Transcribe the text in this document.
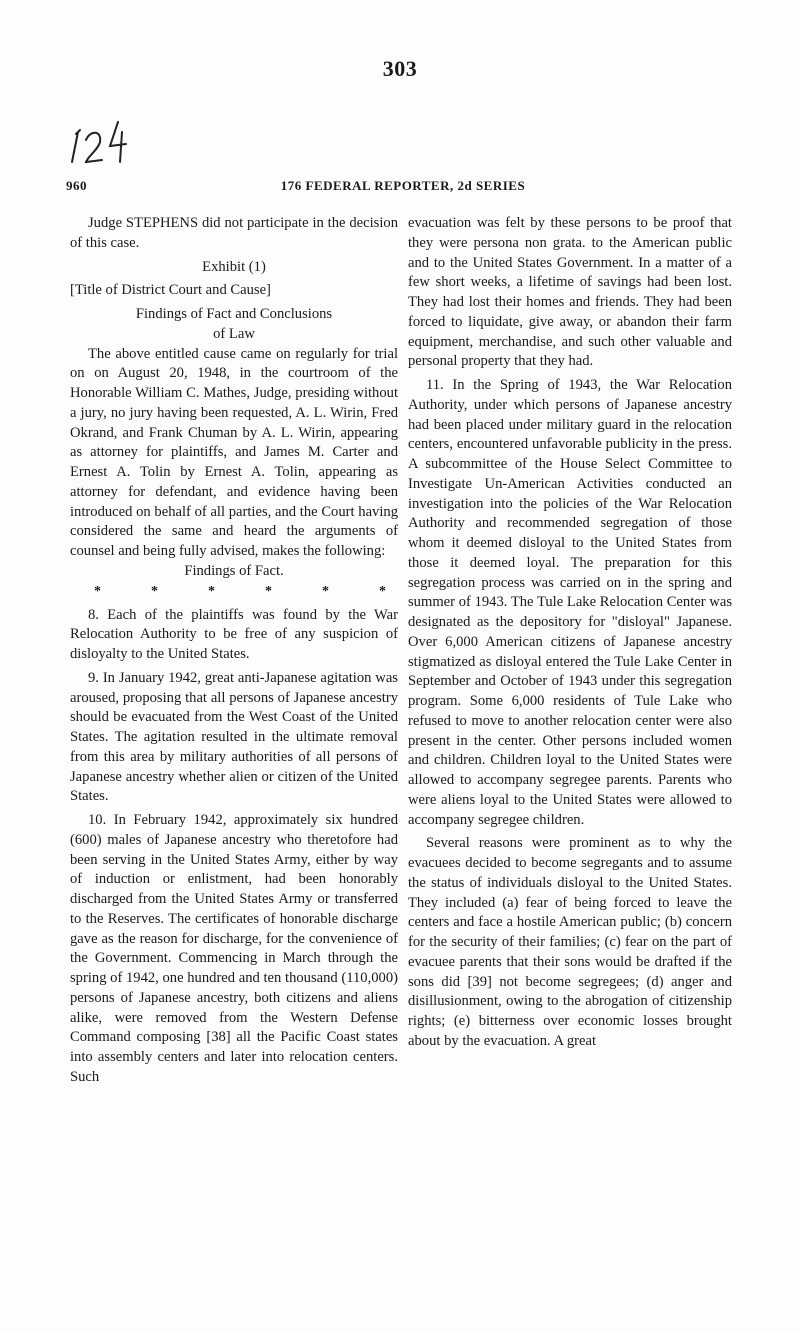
303
960	176 FEDERAL REPORTER, 2d SERIES

Judge STEPHENS did not participate in the decision of this case.

Exhibit (1)

[Title of District Court and Cause]

Findings of Fact and Conclusions

of Law

The above entitled cause came on regularly for trial on on August 20, 1948, in the courtroom of the Honorable William C. Mathes, Judge, presiding without a jury, no jury having been requested, A. L. Wirin, Fred Okrand, and Frank Chuman by A. L. Wirin, appearing as attorney for plaintiffs, and James M. Carter and Ernest A. Tolin by Ernest A. Tolin, appearing as attorney for defendant, and evidence having been introduced on behalf of all parties, and the Court having considered the same and heard the arguments of counsel and being fully advised, makes the following:

Findings of Fact.

*	*	*	*	*	*

8. Each of the plaintiffs was found by the War Relocation Authority to be free of any suspicion of disloyalty to the United States.

9. In January 1942, great anti-Japanese agitation was aroused, proposing that all persons of Japanese ancestry should be evacuated from the West Coast of the United States. The agitation resulted in the ultimate removal from this area by military authorities of all persons of Japanese ancestry whether alien or citizen of the United States.

10. In February 1942, approximately six hundred (600) males of Japanese ancestry who theretofore had been serving in the United States Army, either by way of induction or enlistment, had been honorably discharged from the United States Army or transferred to the Reserves. The certificates of honorable discharge gave as the reason for discharge, for the convenience of the Government. Commencing in March through the spring of 1942, one hundred and ten thousand (110,000) persons of Japanese ancestry, both citizens and aliens alike, were removed from the Western Defense Command composing [38] all the Pacific Coast states into assembly centers and later into relocation centers. Such

evacuation was felt by these persons to be proof that they were persona non grata. to the American public and to the United States Government. In a matter of a few short weeks, a lifetime of savings had been lost. They had lost their homes and friends. They had been forced to liquidate, give away, or abandon their farm equipment, merchandise, and such other valuable and personal property that they had.

11. In the Spring of 1943, the War Relocation Authority, under which persons of Japanese ancestry had been placed under military guard in the relocation centers, encountered unfavorable publicity in the press. A subcommittee of the House Select Committee to Investigate Un-American Activities conducted an investigation into the policies of the War Relocation Authority and recommended segregation of those whom it deemed disloyal to the United States from those it deemed loyal. The preparation for this segregation process was carried on in the spring and summer of 1943. The Tule Lake Relocation Center was designated as the depository for "disloyal" Japanese. Over 6,000 American citizens of Japanese ancestry stigmatized as disloyal entered the Tule Lake Center in September and October of 1943 under this segregation program. Some 6,000 residents of Tule Lake who refused to move to another relocation center were also present in the center. Other persons included women and children. Children loyal to the United States were allowed to accompany segregee parents. Parents who were aliens loyal to the United States were allowed to accompany segregee children.

Several reasons were prominent as to why the evacuees decided to become segregants and to assume the status of individuals disloyal to the United States. They included (a) fear of being forced to leave the centers and face a hostile American public; (b) concern for the security of their families; (c) fear on the part of evacuee parents that their sons would be drafted if the sons did [39] not become segregees; (d) anger and disillusionment, owing to the abrogation of citizenship rights; (e) bitterness over economic losses brought about by the evacuation. A great
